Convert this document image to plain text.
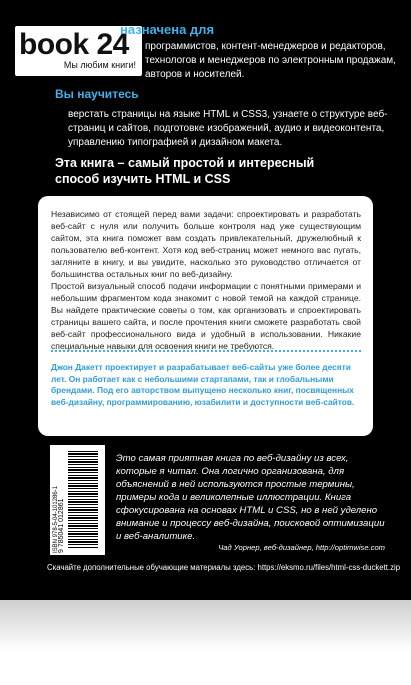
book 24
Мы любим книги!
назначена для
программистов, контент-менеджеров и редакторов, технологов и менеджеров по электронным продажам, авторов и носителей.
Вы научитесь
верстать страницы на языке HTML и CSS3, узнаете о структуре веб-страниц и сайтов, подготовке изображений, аудио и видеоконтента, управлению типографией и дизайном макета.
Эта книга – самый простой и интересный
способ изучить HTML и CSS

Независимо от стоящей перед вами задачи: спроектировать и разработать веб-сайт с нуля или получить больше контроля над уже существующим сайтом, эта книга поможет вам создать привлекательный, дружелюбный к пользователю веб-контент. Хотя код веб-страниц может немного вас пугать, загляните в книгу, и вы увидите, насколько это руководство отличается от большинства остальных книг по веб-дизайну.

Простой визуальный способ подачи информации с понятными примерами и небольшим фрагментом кода знакомит с новой темой на каждой странице. Вы найдете практические советы о том, как организовать и спроектировать страницы вашего сайта, и после прочтения книги сможете разработать свой веб-сайт профессионального вида и удобный в использовании. Никакие специальные навыки для освоения книги не требуются.

Джон Дакетт проектирует и разрабатывает веб-сайты уже более десяти лет. Он работает как с небольшими стартапами, так и глобальными брендами. Под его авторством выпущено несколько книг, посвященных веб-дизайну, программированию, юзабилити и доступности веб-сайтов.
ISBN 978-5-04-101286-1 9 785041 012861
Это самая приятная книга по веб-дизайну из всех, которые я читал. Она логично организована, для объяснений в ней используются простые термины, примеры кода и великолепные иллюстрации. Книга сфокусирована на основах HTML и CSS, но в ней уделено внимание и процессу веб-дизайна, поисковой оптимизации и веб-аналитике.
Чад Уорнер, веб-дизайнер, http://optimwise.com
Скачайте дополнительные обучающие материалы здесь: https://eksmo.ru/files/html-css-duckett.zip
